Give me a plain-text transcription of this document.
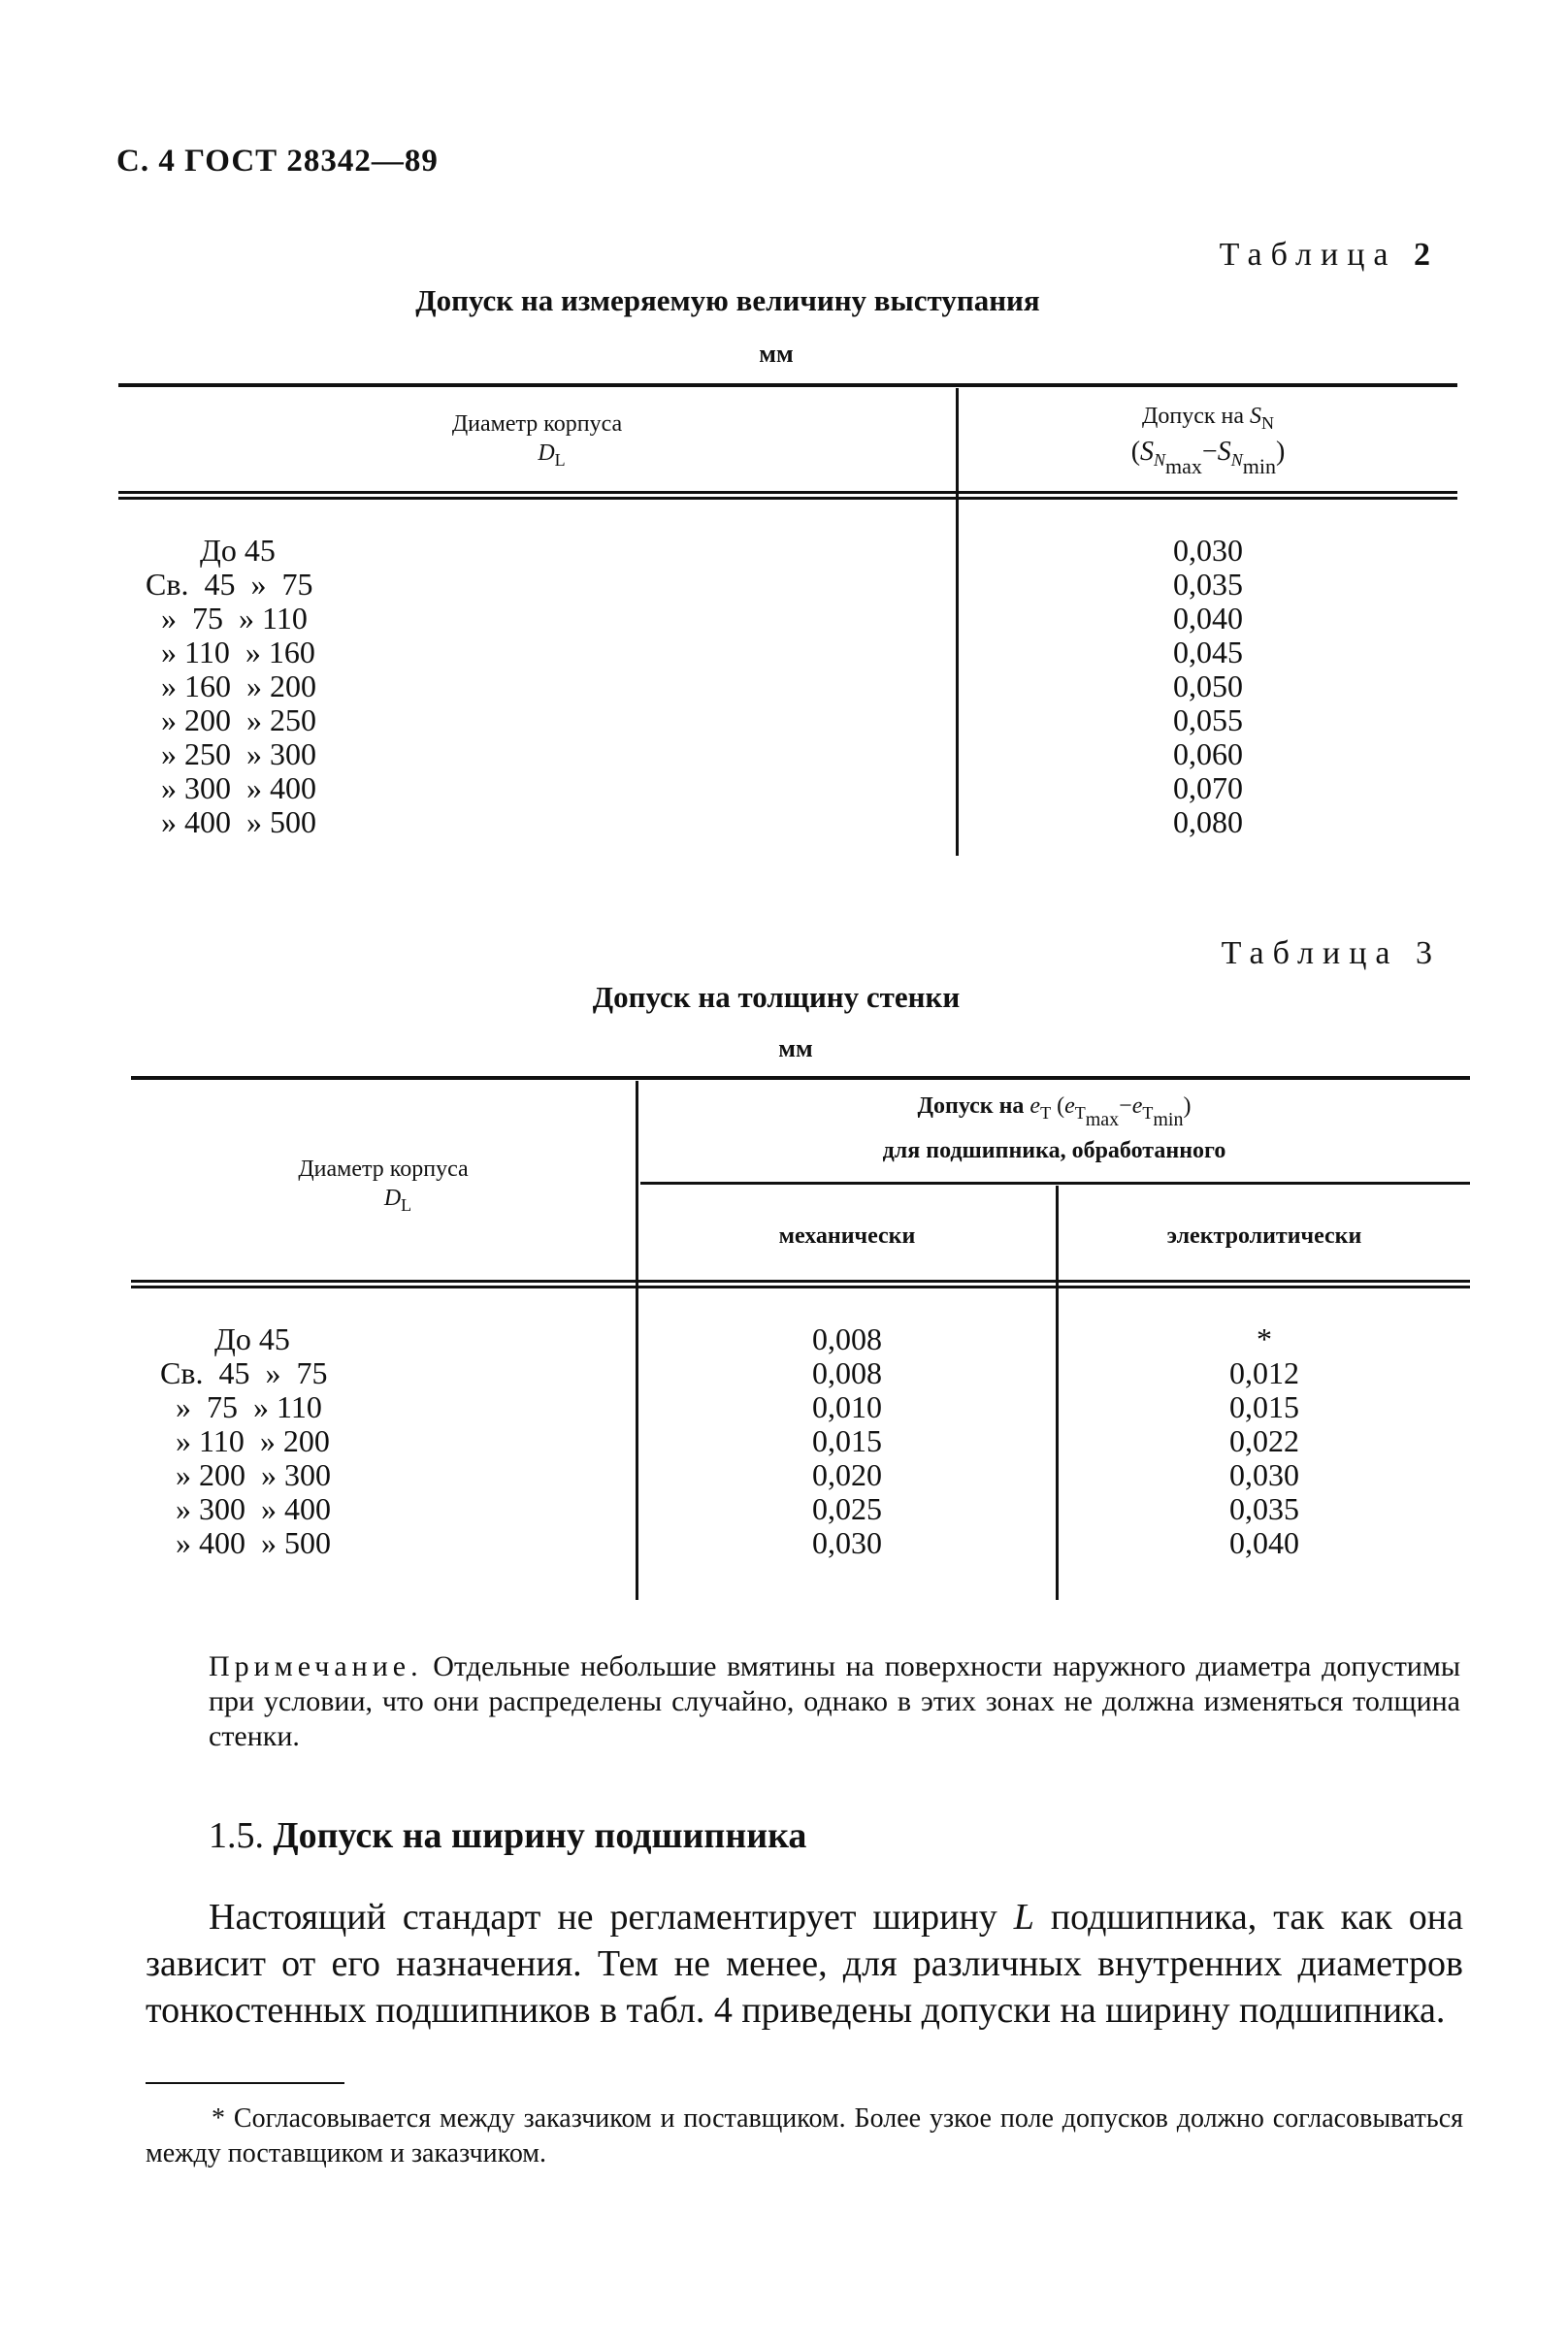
С. 4 ГОСТ 28342—89
Таблица 2
Допуск на измеряемую величину выступания
мм
Диаметр корпуса
$D_L$
Допуск на $S_N$
$(S_{Nmax}-S_{Nmin})$
До 45
Св.  45  »  75
»  75  » 110
» 110  » 160
» 160  » 200
» 200  » 250
» 250  » 300
» 300  » 400
» 400  » 500
0,030
0,035
0,040
0,045
0,050
0,055
0,060
0,070
0,080
Таблица 3
Допуск на толщину стенки
мм
Диаметр корпуса
$D_L$
Допуск на $e_T$ $(e_{Tmax}-e_{Tmin})$
для подшипника, обработанного
механически	электролитически
До 45
Св.  45  »  75
»  75  » 110
» 110  » 200
» 200  » 300
» 300  » 400
» 400  » 500
0,008
0,008
0,010
0,015
0,020
0,025
0,030
*
0,012
0,015
0,022
0,030
0,035
0,040
Примечание. Отдельные небольшие вмятины на поверхности наружного диаметра допустимы при условии, что они распределены случайно, однако в этих зонах не должна изменяться толщина стенки.
1.5. Допуск на ширину подшипника
Настоящий стандарт не регламентирует ширину L подшипника, так как она зависит от его назначения. Тем не менее, для различных внутренних диаметров тонкостенных подшипников в табл. 4 приведены допуски на ширину подшипника.
* Согласовывается между заказчиком и поставщиком. Более узкое поле допусков должно согласовываться между поставщиком и заказчиком.
